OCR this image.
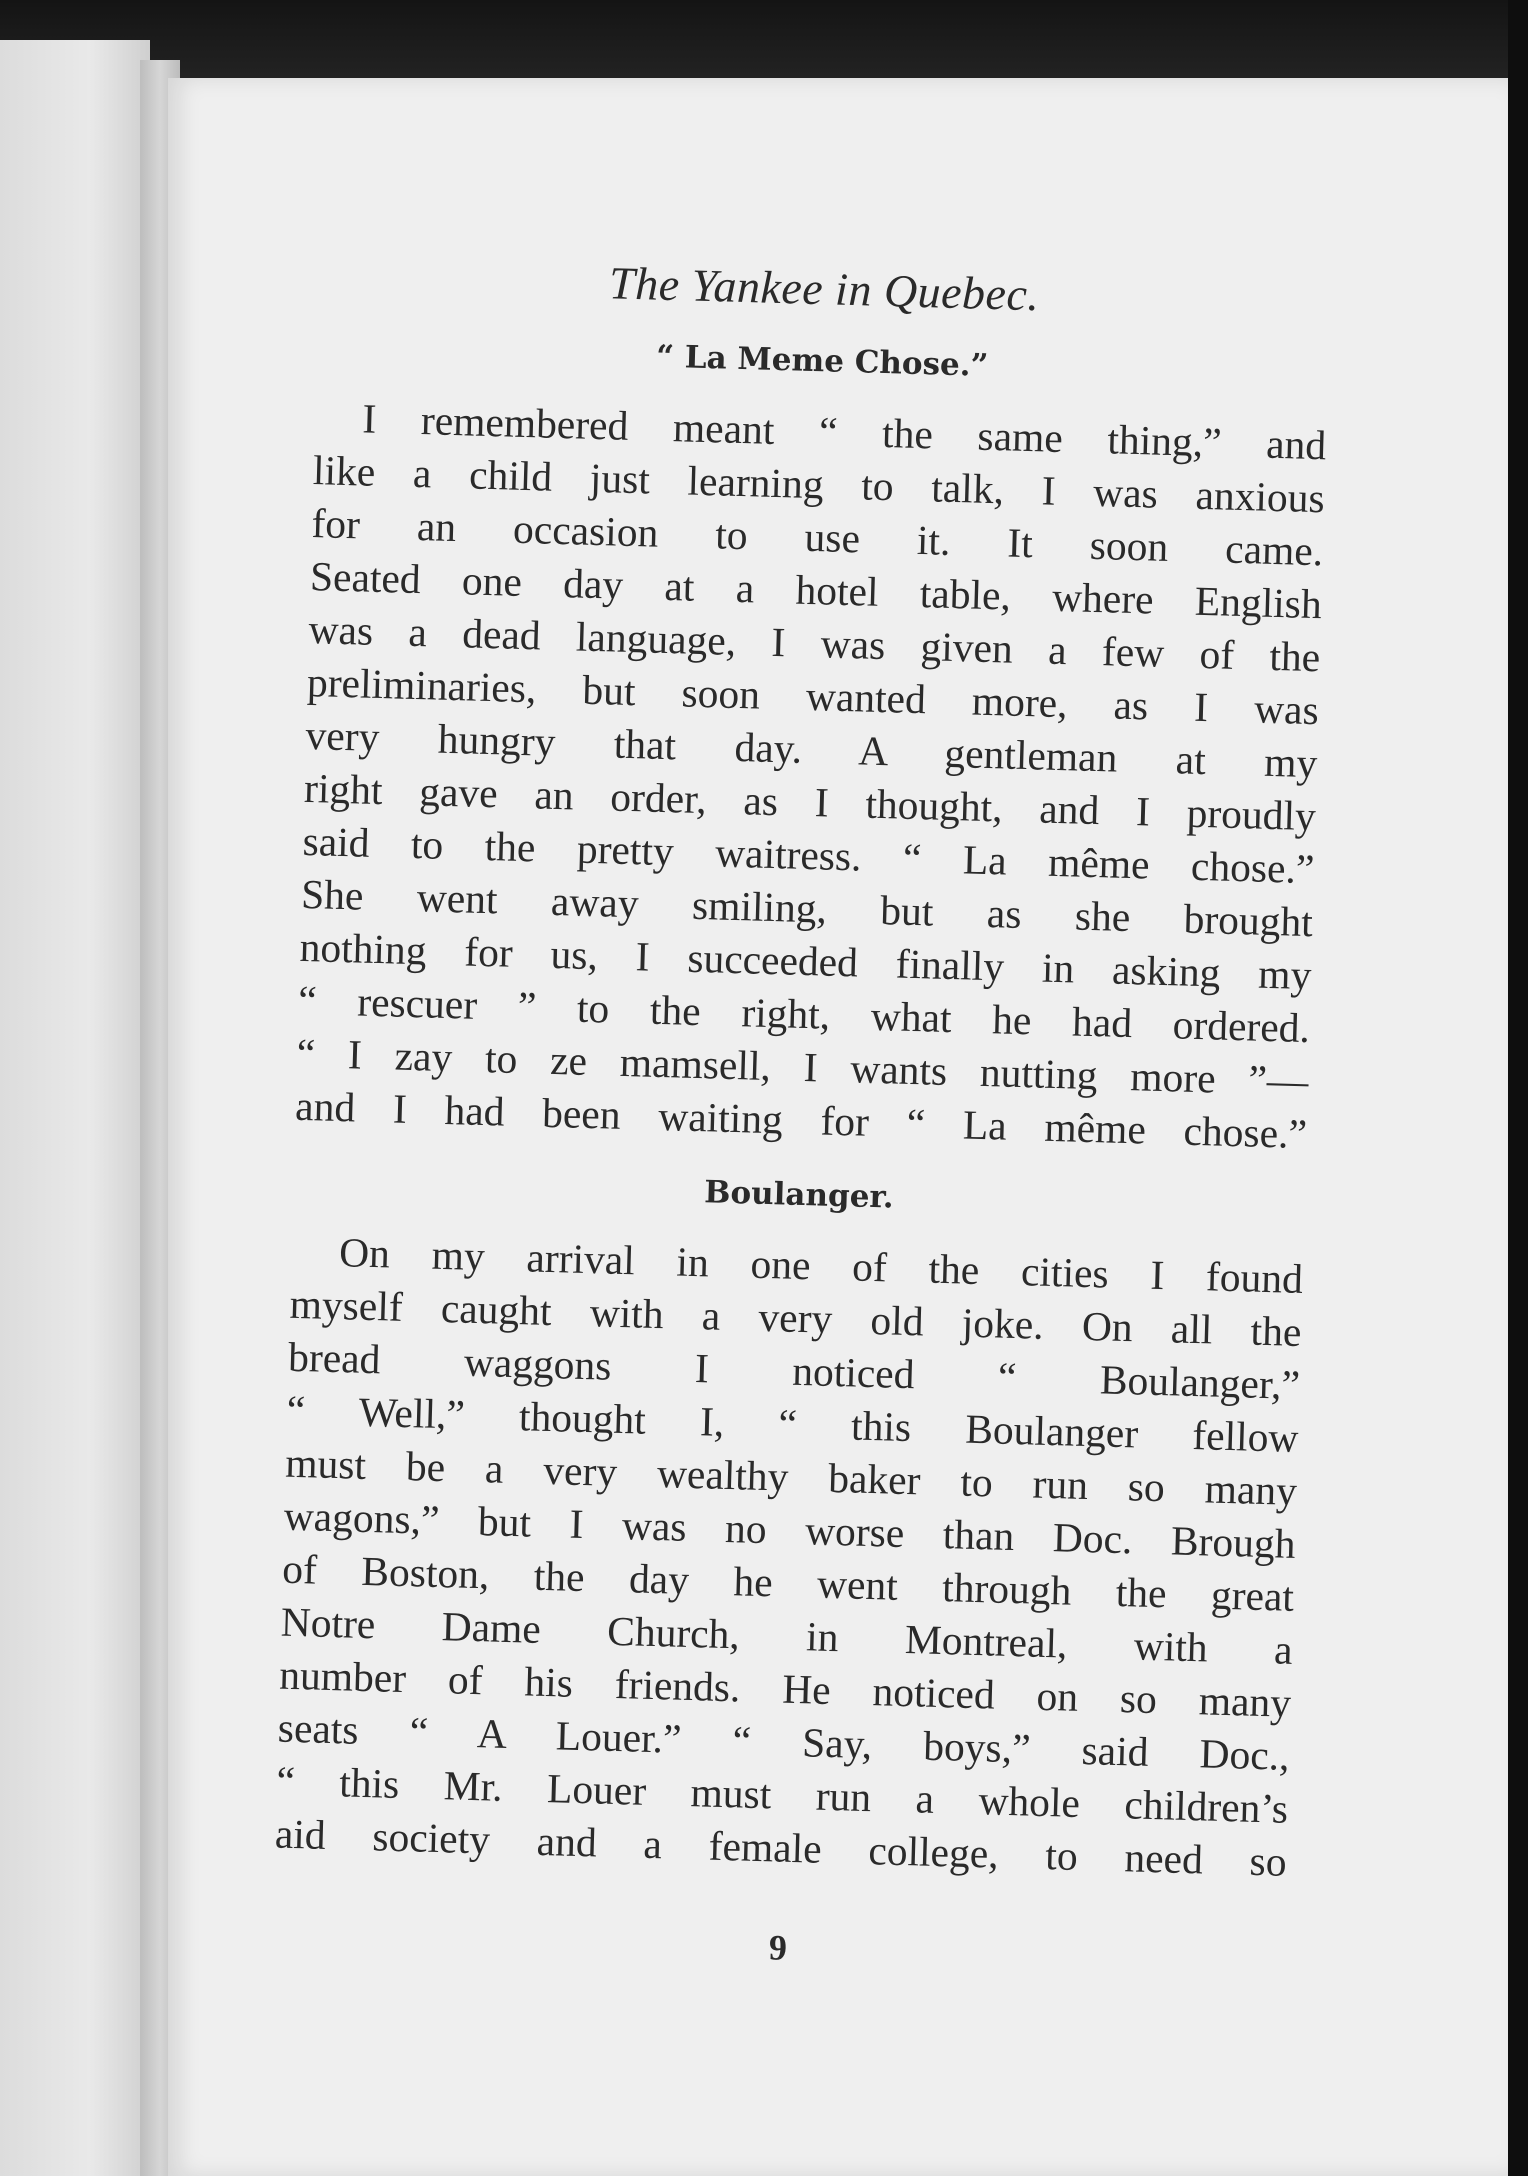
The Yankee in Quebec.
“ La Meme Chose.”
I remembered meant “ the same thing,” and
like a child just learning to talk, I was anxious
for an occasion to use it. It soon came.
Seated one day at a hotel table, where English
was a dead language, I was given a few of the
preliminaries, but soon wanted more, as I was
very hungry that day. A gentleman at my
right gave an order, as I thought, and I proudly
said to the pretty waitress. “ La même chose.”
She went away smiling, but as she brought
nothing for us, I succeeded finally in asking my
“ rescuer ” to the right, what he had ordered.
“ I zay to ze mamsell, I wants nutting more ”—
and I had been waiting for “ La même chose.”
Boulanger.
On my arrival in one of the cities I found
myself caught with a very old joke. On all the
bread waggons I noticed “ Boulanger,”
“ Well,” thought I, “ this Boulanger fellow
must be a very wealthy baker to run so many
wagons,” but I was no worse than Doc. Brough
of Boston, the day he went through the great
Notre Dame Church, in Montreal, with a
number of his friends. He noticed on so many
seats “ A Louer.” “ Say, boys,” said Doc.,
“ this Mr. Louer must run a whole children’s
aid society and a female college, to need so
9
